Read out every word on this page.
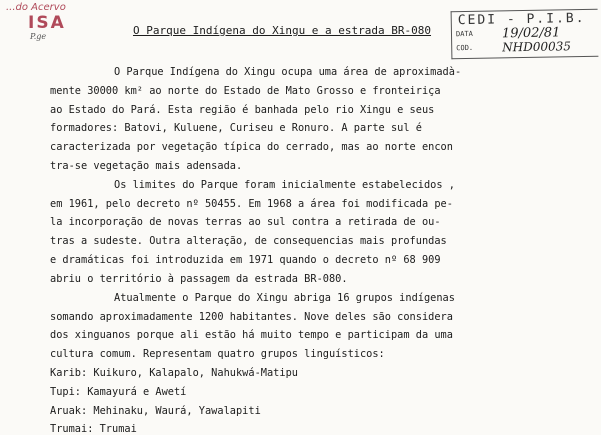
...do Acervo
ISA
P.ge
CEDI - P.I.B.
DATA 19/02/81
COD. NHD00035
O Parque Indígena do Xingu e a estrada BR-080
O Parque Indígena do Xingu ocupa uma área de aproximadà-
mente 30000 km² ao norte do Estado de Mato Grosso e fronteiriça
ao Estado do Pará. Esta região é banhada pelo rio Xingu e seus
formadores: Batovi, Kuluene, Curiseu e Ronuro. A parte sul é
caracterizada por vegetação típica do cerrado, mas ao norte encon
tra-se vegetação mais adensada.
Os limites do Parque foram inicialmente estabelecidos ,
em 1961, pelo decreto nº 50455. Em 1968 a área foi modificada pe-
la incorporação de novas terras ao sul contra a retirada de ou-
tras a sudeste. Outra alteração, de consequencias mais profundas
e dramáticas foi introduzida em 1971 quando o decreto nº 68 909
abriu o território à passagem da estrada BR-080.
Atualmente o Parque do Xingu abriga 16 grupos indígenas
somando aproximadamente 1200 habitantes. Nove deles são considera
dos xinguanos porque ali estão há muito tempo e participam da uma
cultura comum. Representam quatro grupos linguísticos:
Karib: Kuikuro, Kalapalo, Nahukwá-Matipu
Tupi: Kamayurá e Awetí
Aruak: Mehinaku, Waurá, Yawalapiti
Trumai: Trumai
